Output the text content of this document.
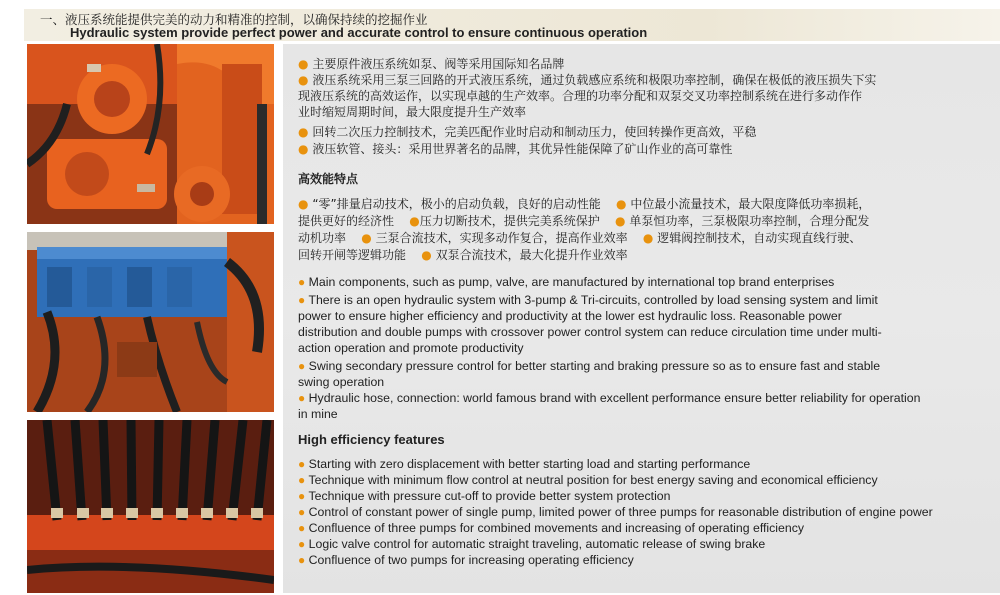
一、液压系统能提供完美的动力和精准的控制，以确保持续的挖掘作业
Hydraulic system provide perfect power and accurate control to ensure continuous operation
● 主要原件液压系统如泵、阀等采用国际知名品牌
● 液压系统采用三泵三回路的开式液压系统，通过负载感应系统和极限功率控制，确保在极低的液压损失下实
现液压系统的高效运作，以实现卓越的生产效率。合理的功率分配和双泵交叉功率控制系统在进行多动作作
业时缩短周期时间，最大限度提升生产效率
● 回转二次压力控制技术，完美匹配作业时启动和制动压力，使回转操作更高效，平稳
● 液压软管、接头：采用世界著名的品牌，其优异性能保障了矿山作业的高可靠性
高效能特点
● “零”排量启动技术，极小的启动负载，良好的启动性能 ● 中位最小流量技术，最大限度降低功率损耗，
提供更好的经济性 ●压力切断技术，提供完美系统保护 ● 单泵恒功率，三泵极限功率控制，合理分配发
动机功率 ● 三泵合流技术，实现多动作复合，提高作业效率 ● 逻辑阀控制技术，自动实现直线行驶、
回转开闸等逻辑功能 ● 双泵合流技术，最大化提升作业效率
● Main components, such as pump, valve, are manufactured by international top brand enterprises
● There is an open hydraulic system with 3-pump & Tri-circuits, controlled by load sensing system and limit
power to ensure higher efficiency and productivity at the lower est hydraulic loss. Reasonable power
distribution and double pumps with crossover power control system can reduce circulation time under multi-
action operation and promote productivity
● Swing secondary pressure control for better starting and braking pressure so as to ensure fast and stable
swing operation
● Hydraulic hose, connection: world famous brand with excellent performance ensure better reliability for operation
in mine
High efficiency features
● Starting with zero displacement with better starting load and starting performance
● Technique with minimum flow control at neutral position for best energy saving and economical efficiency
● Technique with pressure cut-off to provide better system protection
● Control of constant power of single pump, limited power of three pumps for reasonable distribution of engine power
● Confluence of three pumps for combined movements and increasing of operating efficiency
● Logic valve control for automatic straight traveling, automatic release of swing brake
● Confluence of two pumps for increasing operating efficiency
